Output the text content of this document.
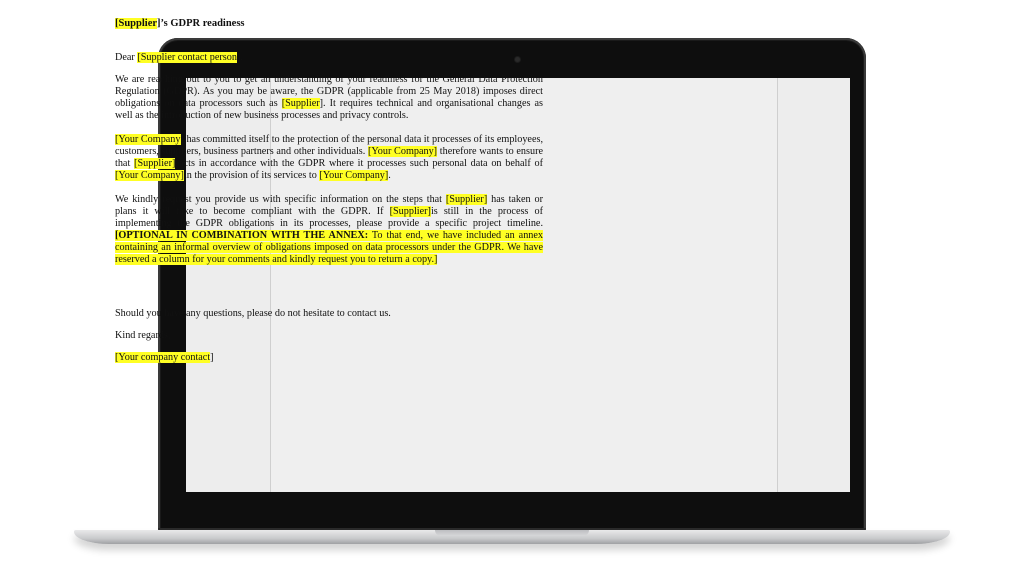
[Supplier]’s GDPR readiness

Dear [Supplier contact person],

We are reaching out to you to get an understanding of your readiness for the General Data Protection Regulation (GDPR). As you may be aware, the GDPR (applicable from 25 May 2018) imposes direct obligations on data processors such as [Supplier]. It requires technical and organisational changes as well as the introduction of new business processes and privacy controls.

[Your Company] has committed itself to the protection of the personal data it processes of its employees, customers, suppliers, business partners and other individuals. [Your Company] therefore wants to ensure that [Supplier] acts in accordance with the GDPR where it processes such personal data on behalf of [Your Company]in the provision of its services to [Your Company].

We kindly request you provide us with specific information on the steps that [Supplier] has taken or plans it will take to become compliant with the GDPR. If [Supplier]is still in the process of implementing the GDPR obligations in its processes, please provide a specific project timeline. [OPTIONAL IN COMBINATION WITH THE ANNEX: To that end, we have included an annex containing an informal overview of obligations imposed on data processors under the GDPR. We have reserved a column for your comments and kindly request you to return a copy.]

Should you have any questions, please do not hesitate to contact us.

Kind regards,

[Your company contact]
